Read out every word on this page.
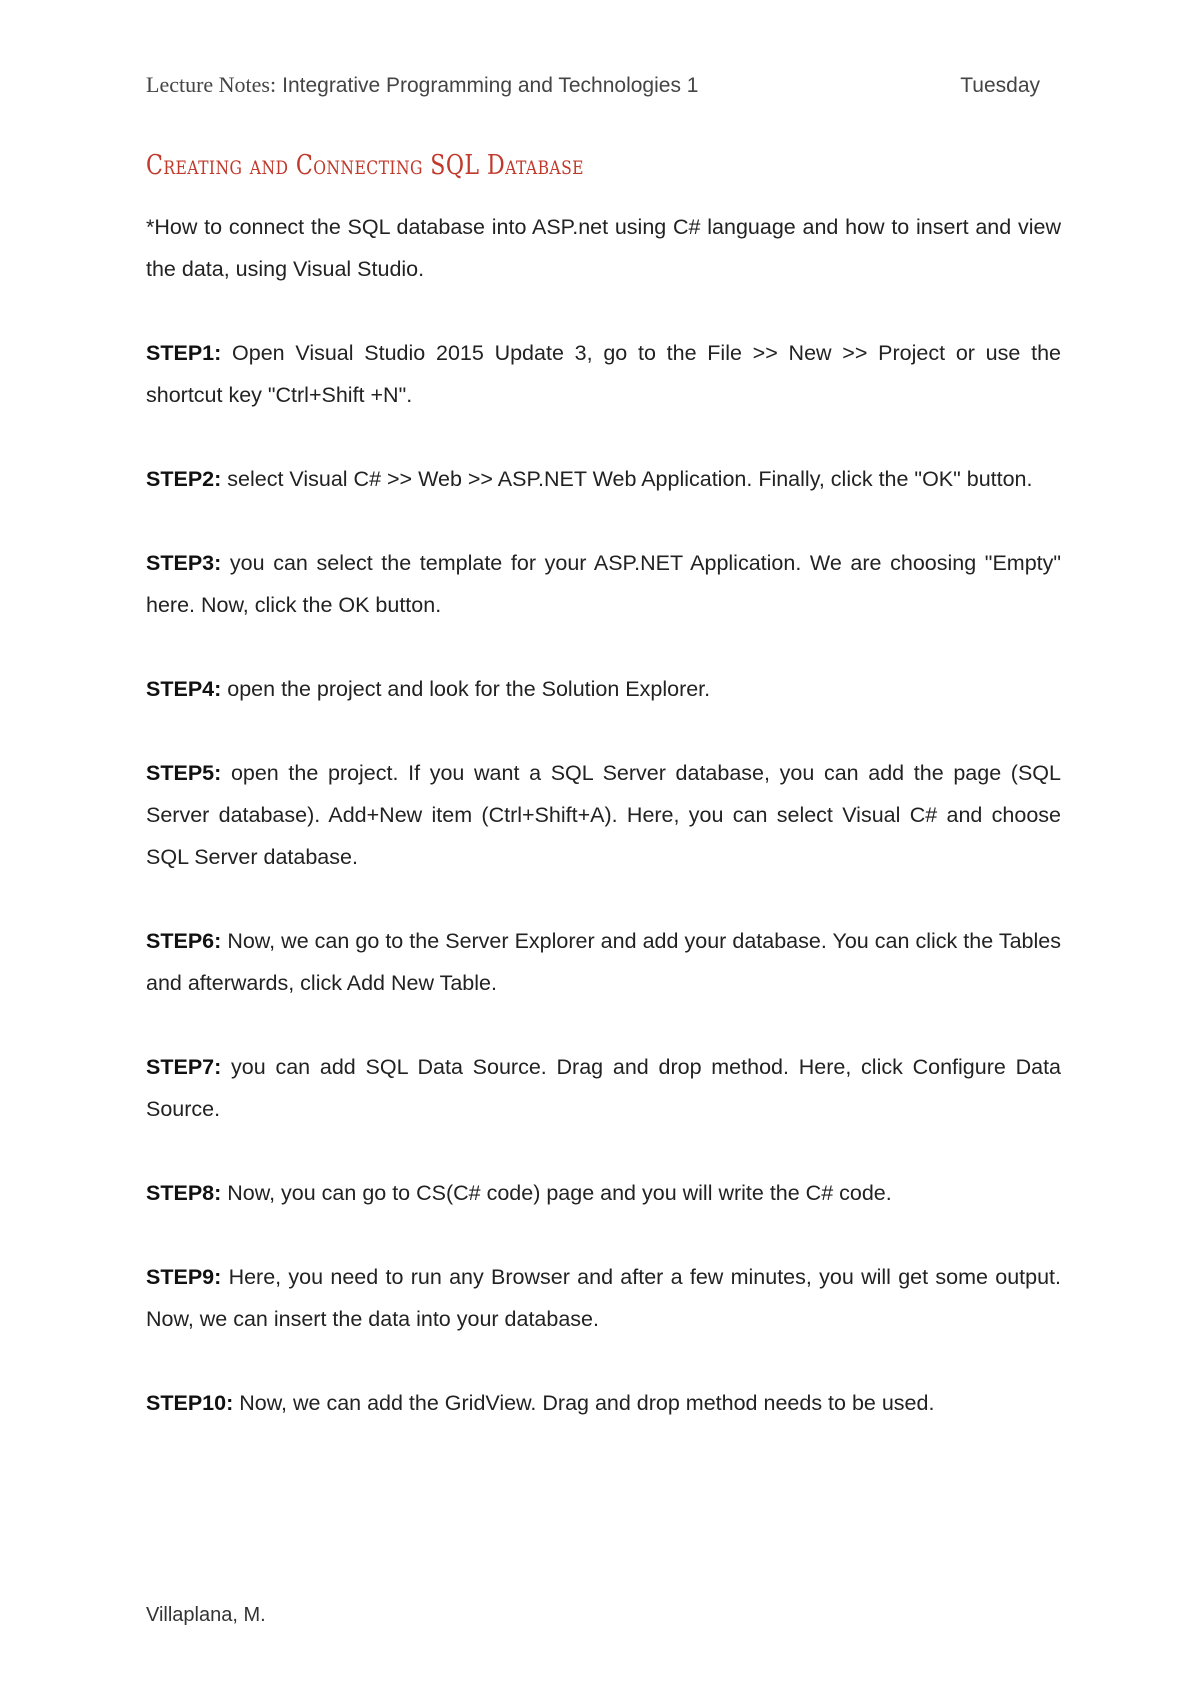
Lecture Notes: Integrative Programming and Technologies 1	Tuesday
Creating and Connecting SQL Database

*How to connect the SQL database into ASP.net using C# language and how to insert and view the data, using Visual Studio.

STEP1: Open Visual Studio 2015 Update 3, go to the File >> New >> Project or use the shortcut key "Ctrl+Shift +N".

STEP2: select Visual C# >> Web >> ASP.NET Web Application. Finally, click the "OK" button.

STEP3: you can select the template for your ASP.NET Application. We are choosing "Empty" here. Now, click the OK button.

STEP4: open the project and look for the Solution Explorer.

STEP5: open the project. If you want a SQL Server database, you can add the page (SQL Server database). Add+New item (Ctrl+Shift+A). Here, you can select Visual C# and choose SQL Server database.

STEP6: Now, we can go to the Server Explorer and add your database. You can click the Tables and afterwards, click Add New Table.

STEP7: you can add SQL Data Source. Drag and drop method. Here, click Configure Data Source.

STEP8: Now, you can go to CS(C# code) page and you will write the C# code.

STEP9: Here, you need to run any Browser and after a few minutes, you will get some output. Now, we can insert the data into your database.

STEP10: Now, we can add the GridView. Drag and drop method needs to be used.

Villaplana, M.
